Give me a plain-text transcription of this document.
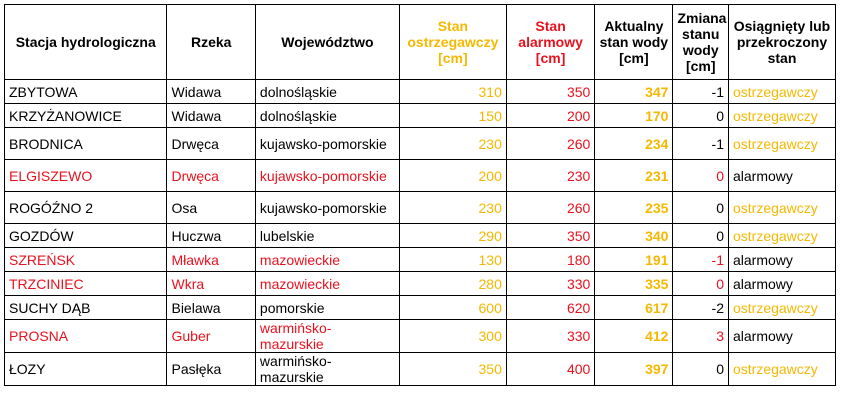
Stacja hydrologiczna	Rzeka	Województwo	Stan ostrzegawczy [cm]	Stan alarmowy [cm]	Aktualny stan wody [cm]	Zmiana stanu wody [cm]	Osiągnięty lub przekroczony stan
ZBYTOWA	Widawa	dolnośląskie	310	350	347	-1	ostrzegawczy
KRZYŻANOWICE	Widawa	dolnośląskie	150	200	170	0	ostrzegawczy
BRODNICA	Drwęca	kujawsko-pomorskie	230	260	234	-1	ostrzegawczy
ELGISZEWO	Drwęca	kujawsko-pomorskie	200	230	231	0	alarmowy
ROGÓŹNO 2	Osa	kujawsko-pomorskie	230	260	235	0	ostrzegawczy
GOZDÓW	Huczwa	lubelskie	290	350	340	0	ostrzegawczy
SZREŃSK	Mławka	mazowieckie	130	180	191	-1	alarmowy
TRZCINIEC	Wkra	mazowieckie	280	330	335	0	alarmowy
SUCHY DĄB	Bielawa	pomorskie	600	620	617	-2	ostrzegawczy
PROSNA	Guber	warmińsko-mazurskie	300	330	412	3	alarmowy
ŁOZY	Pasłęka	warmińsko-mazurskie	350	400	397	0	ostrzegawczy
